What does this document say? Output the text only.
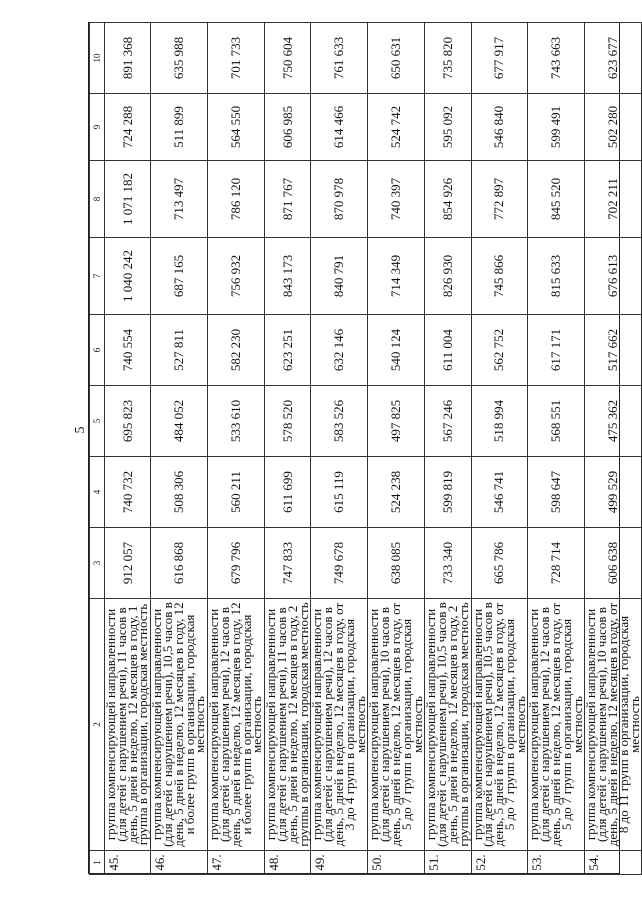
5
1	2	3	4	5	6	7	8	9	10
45.	группа компенсирующей направленности (для детей с нарушением речи), 11 часов в день, 5 дней в неделю, 12 месяцев в году, 1 группа в организации, городская местность	912 057	740 732	695 823	740 554	1 040 242	1 071 182	724 288	891 368
46.	группа компенсирующей направленности (для детей с нарушением речи), 10,5 часов в день, 5 дней в неделю, 12 месяцев в году, 12 и более групп в организации, городская местность	616 868	508 306	484 052	527 811	687 165	713 497	511 899	635 988
47.	группа компенсирующей направленности (для детей с нарушением речи), 12 часов в день, 5 дней в неделю, 12 месяцев в году, 12 и более групп в организации, городская местность	679 796	560 211	533 610	582 230	756 932	786 120	564 550	701 733
48.	группа компенсирующей направленности (для детей с нарушением речи), 11 часов в день, 5 дней в неделю, 12 месяцев в году, 2 группы в организации, городская местность	747 833	611 699	578 520	623 251	843 173	871 767	606 985	750 604
49.	группа компенсирующей направленности (для детей с нарушением речи), 12 часов в день, 5 дней в неделю, 12 месяцев в году, от 3 до 4 групп в организации, городская местность	749 678	615 119	583 526	632 146	840 791	870 978	614 466	761 633
50.	группа компенсирующей направленности (для детей с нарушением речи), 10 часов в день, 5 дней в неделю, 12 месяцев в году, от 5 до 7 групп в организации, городская местность	638 085	524 238	497 825	540 124	714 349	740 397	524 742	650 631
51.	группа компенсирующей направленности (для детей с нарушением речи), 10,5 часов в день, 5 дней в неделю, 12 месяцев в году, 2 группы в организации, городская местность	733 340	599 819	567 246	611 004	826 930	854 926	595 092	735 820
52.	группа компенсирующей направленности (для детей с нарушением речи), 10,5 часов в день, 5 дней в неделю, 12 месяцев в году, от 5 до 7 групп в организации, городская местность	665 786	546 741	518 994	562 752	745 866	772 897	546 840	677 917
53.	группа компенсирующей направленности (для детей с нарушением речи), 12 часов в день, 5 дней в неделю, 12 месяцев в году, от 5 до 7 групп в организации, городская местность	728 714	598 647	568 551	617 171	815 633	845 520	599 491	743 663
54.	группа компенсирующей направленности (для детей с нарушением речи), 10 часов в день, 5 дней в неделю, 12 месяцев в году, от 8 до 11 групп в организации, городская местность	606 638	499 529	475 362	517 662	676 613	702 211	502 280	623 677
